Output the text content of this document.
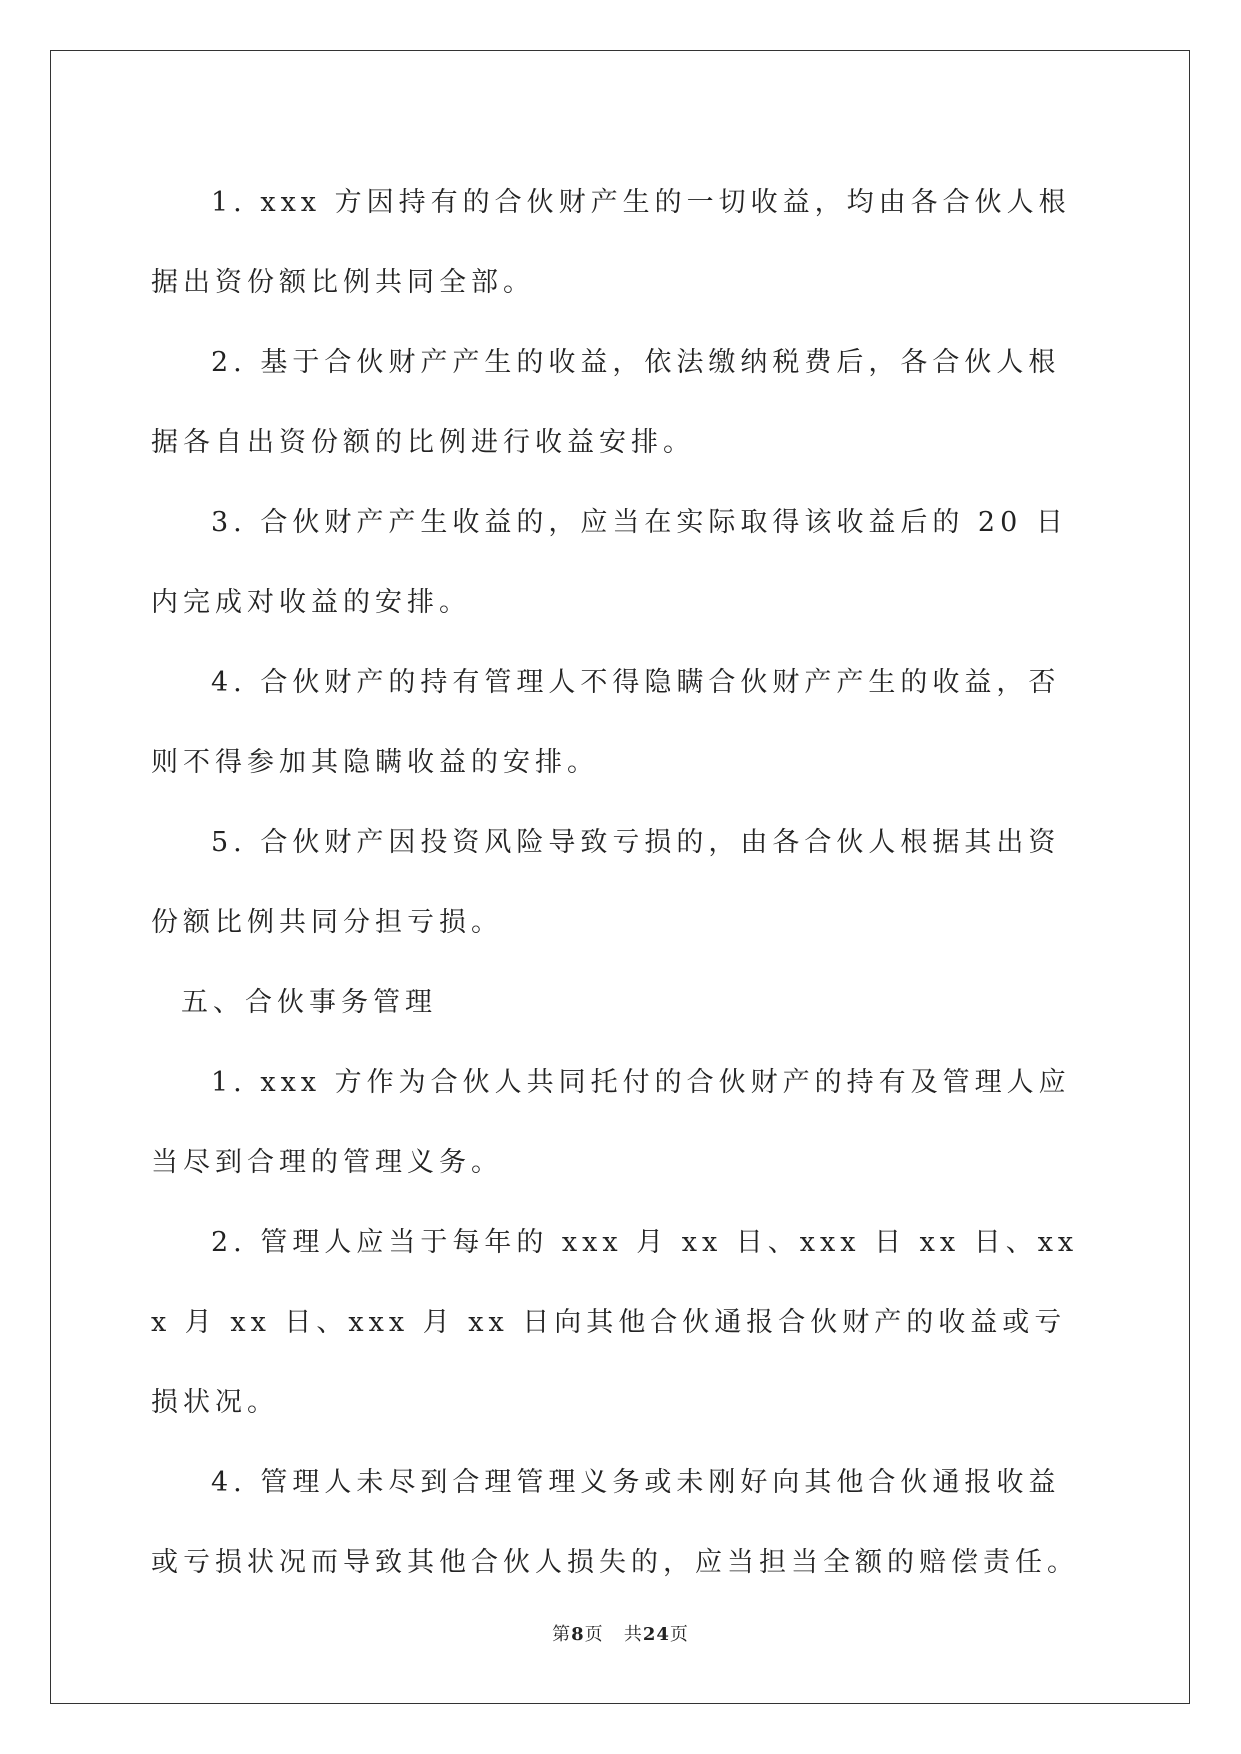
1. xxx 方因持有的合伙财产生的一切收益，均由各合伙人根据出资份额比例共同全部。

2. 基于合伙财产产生的收益，依法缴纳税费后，各合伙人根据各自出资份额的比例进行收益安排。

3. 合伙财产产生收益的，应当在实际取得该收益后的 20 日内完成对收益的安排。

4. 合伙财产的持有管理人不得隐瞒合伙财产产生的收益，否则不得参加其隐瞒收益的安排。

5. 合伙财产因投资风险导致亏损的，由各合伙人根据其出资份额比例共同分担亏损。

五、合伙事务管理

1. xxx 方作为合伙人共同托付的合伙财产的持有及管理人应当尽到合理的管理义务。

2. 管理人应当于每年的 xxx 月 xx 日、xxx 日 xx 日、xxx 月 xx 日、xxx 月 xx 日向其他合伙通报合伙财产的收益或亏损状况。

4. 管理人未尽到合理管理义务或未刚好向其他合伙通报收益或亏损状况而导致其他合伙人损失的，应当担当全额的赔偿责任。

第8页 共24页
